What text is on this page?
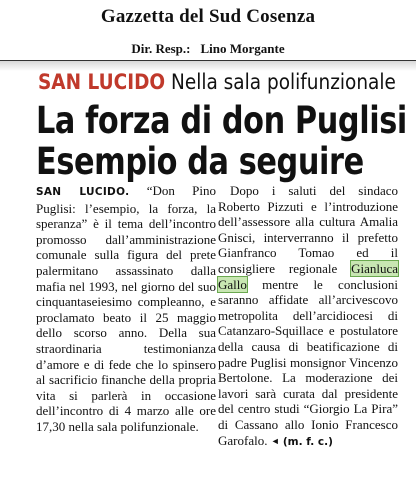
Gazzetta del Sud Cosenza
Dir. Resp.: Lino Morgante
SAN LUCIDO Nella sala polifunzionale
La forza di don Puglisi
Esempio da seguire

SAN LUCIDO. “Don Pino Puglisi: l’esempio, la forza, la speranza” è il tema dell’incontro promosso dall’amministrazione comunale sulla figura del prete palermitano assassinato dalla mafia nel 1993, nel giorno del suo cinquantaseiesimo compleanno, e proclamato beato il 25 maggio dello scorso anno. Della sua straordinaria testimonianza d’amore e di fede che lo spinsero al sacrificio finanche della propria vita si parlerà in occasione dell’incontro di 4 marzo alle ore 17,30 nella sala polifunzionale.

Dopo i saluti del sindaco Roberto Pizzuti e l’introduzione dell’assessore alla cultura Amalia Gnisci, interverranno il prefetto Gianfranco Tomao ed il consigliere regionale Gianluca Gallo mentre le conclusioni saranno affidate all’arcivescovo metropolita dell’arcidiocesi di Catanzaro-Squillace e postulatore della causa di beatificazione di padre Puglisi monsignor Vincenzo Bertolone. La moderazione dei lavori sarà curata dal presidente del centro studi “Giorgio La Pira” di Cassano allo Ionio Francesco Garofalo. ◄ (m. f. c.)
